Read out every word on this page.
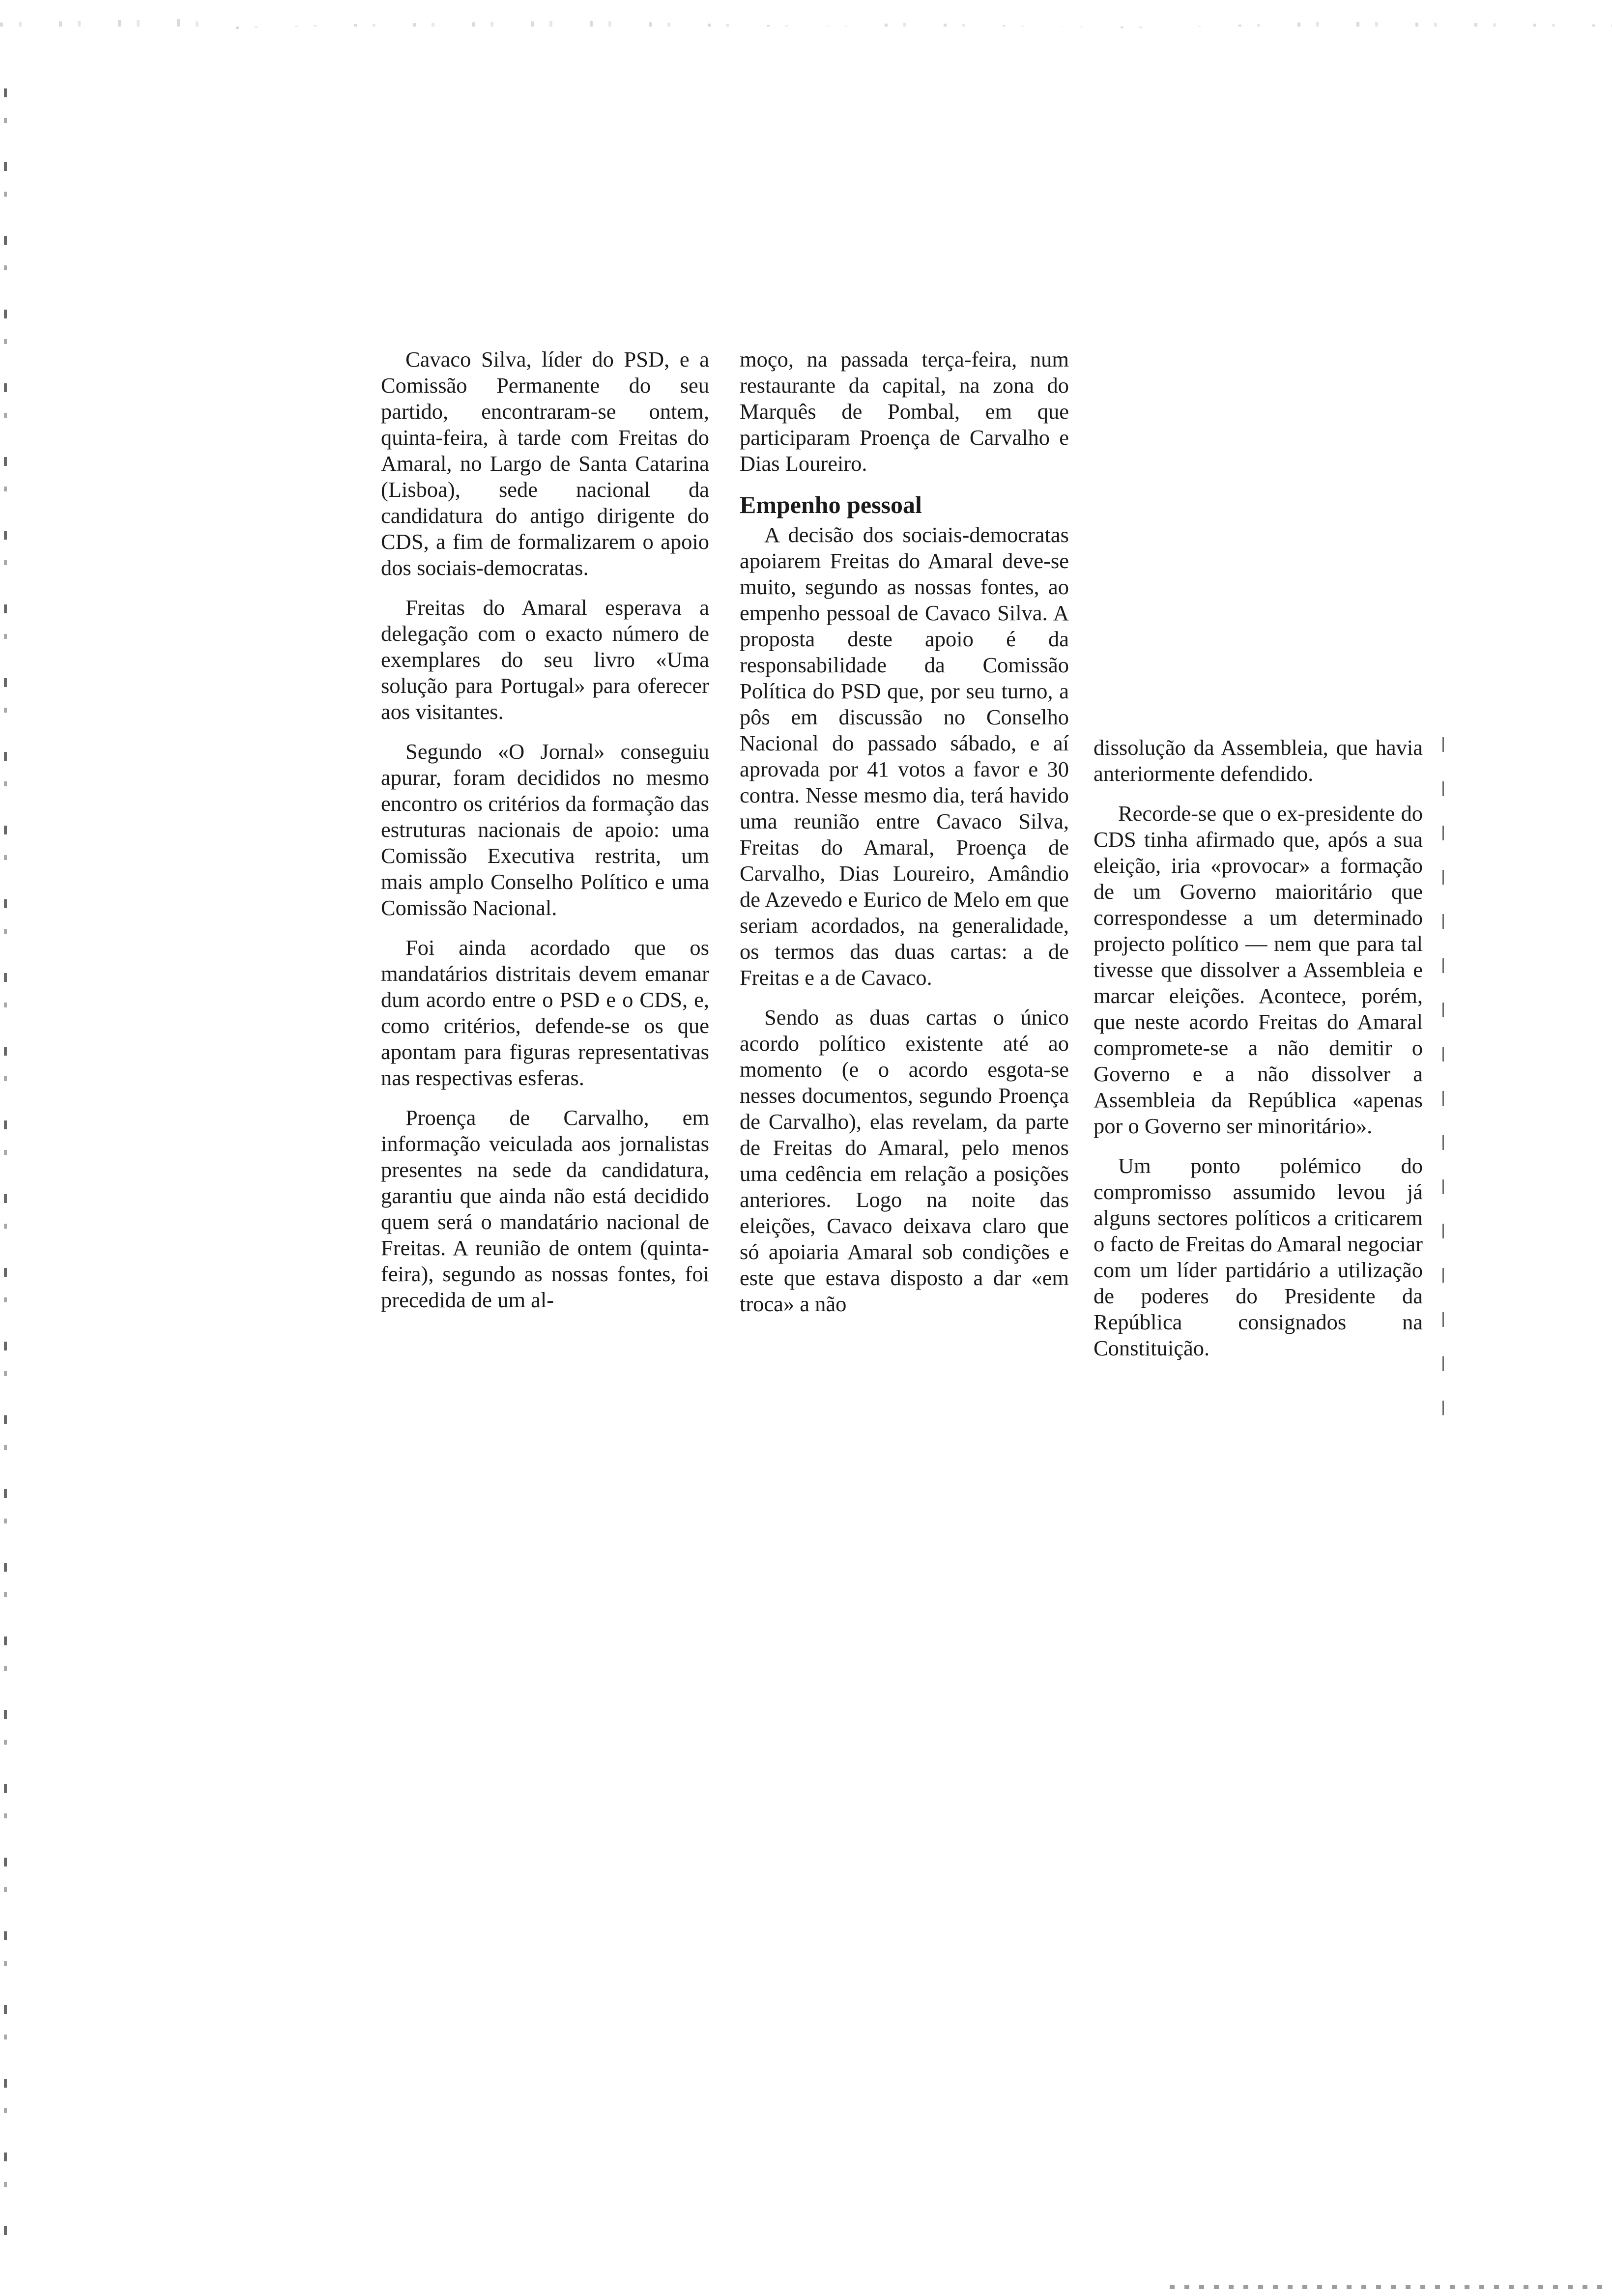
Cavaco Silva, líder do PSD, e a Comissão Permanente do seu partido, encontraram-se ontem, quinta-feira, à tarde com Freitas do Amaral, no Largo de Santa Catarina (Lisboa), sede nacional da candidatura do antigo dirigente do CDS, a fim de formalizarem o apoio dos sociais-democratas.

Freitas do Amaral esperava a delegação com o exacto número de exemplares do seu livro «Uma solução para Portugal» para oferecer aos visitantes.

Segundo «O Jornal» conseguiu apurar, foram decididos no mesmo encontro os critérios da formação das estruturas nacionais de apoio: uma Comissão Executiva restrita, um mais amplo Conselho Político e uma Comissão Nacional.

Foi ainda acordado que os mandatários distritais devem emanar dum acordo entre o PSD e o CDS, e, como critérios, defende-se os que apontam para figuras representativas nas respectivas esferas.

Proença de Carvalho, em informação veiculada aos jornalistas presentes na sede da candidatura, garantiu que ainda não está decidido quem será o mandatário nacional de Freitas. A reunião de ontem (quinta-feira), segundo as nossas fontes, foi precedida de um al-

moço, na passada terça-feira, num restaurante da capital, na zona do Marquês de Pombal, em que participaram Proença de Carvalho e Dias Loureiro.

Empenho pessoal

A decisão dos sociais-democratas apoiarem Freitas do Amaral deve-se muito, segundo as nossas fontes, ao empenho pessoal de Cavaco Silva. A proposta deste apoio é da responsabilidade da Comissão Política do PSD que, por seu turno, a pôs em discussão no Conselho Nacional do passado sábado, e aí aprovada por 41 votos a favor e 30 contra. Nesse mesmo dia, terá havido uma reunião entre Cavaco Silva, Freitas do Amaral, Proença de Carvalho, Dias Loureiro, Amândio de Azevedo e Eurico de Melo em que seriam acordados, na generalidade, os termos das duas cartas: a de Freitas e a de Cavaco.

Sendo as duas cartas o único acordo político existente até ao momento (e o acordo esgota-se nesses documentos, segundo Proença de Carvalho), elas revelam, da parte de Freitas do Amaral, pelo menos uma cedência em relação a posições anteriores. Logo na noite das eleições, Cavaco deixava claro que só apoiaria Amaral sob condições e este que estava disposto a dar «em troca» a não

dissolução da Assembleia, que havia anteriormente defendido.

Recorde-se que o ex-presidente do CDS tinha afirmado que, após a sua eleição, iria «provocar» a formação de um Governo maioritário que correspondesse a um determinado projecto político — nem que para tal tivesse que dissolver a Assembleia e marcar eleições. Acontece, porém, que neste acordo Freitas do Amaral compromete-se a não demitir o Governo e a não dissolver a Assembleia da República «apenas por o Governo ser minoritário».

Um ponto polémico do compromisso assumido levou já alguns sectores políticos a criticarem o facto de Freitas do Amaral negociar com um líder partidário a utilização de poderes do Presidente da República consignados na Constituição.
